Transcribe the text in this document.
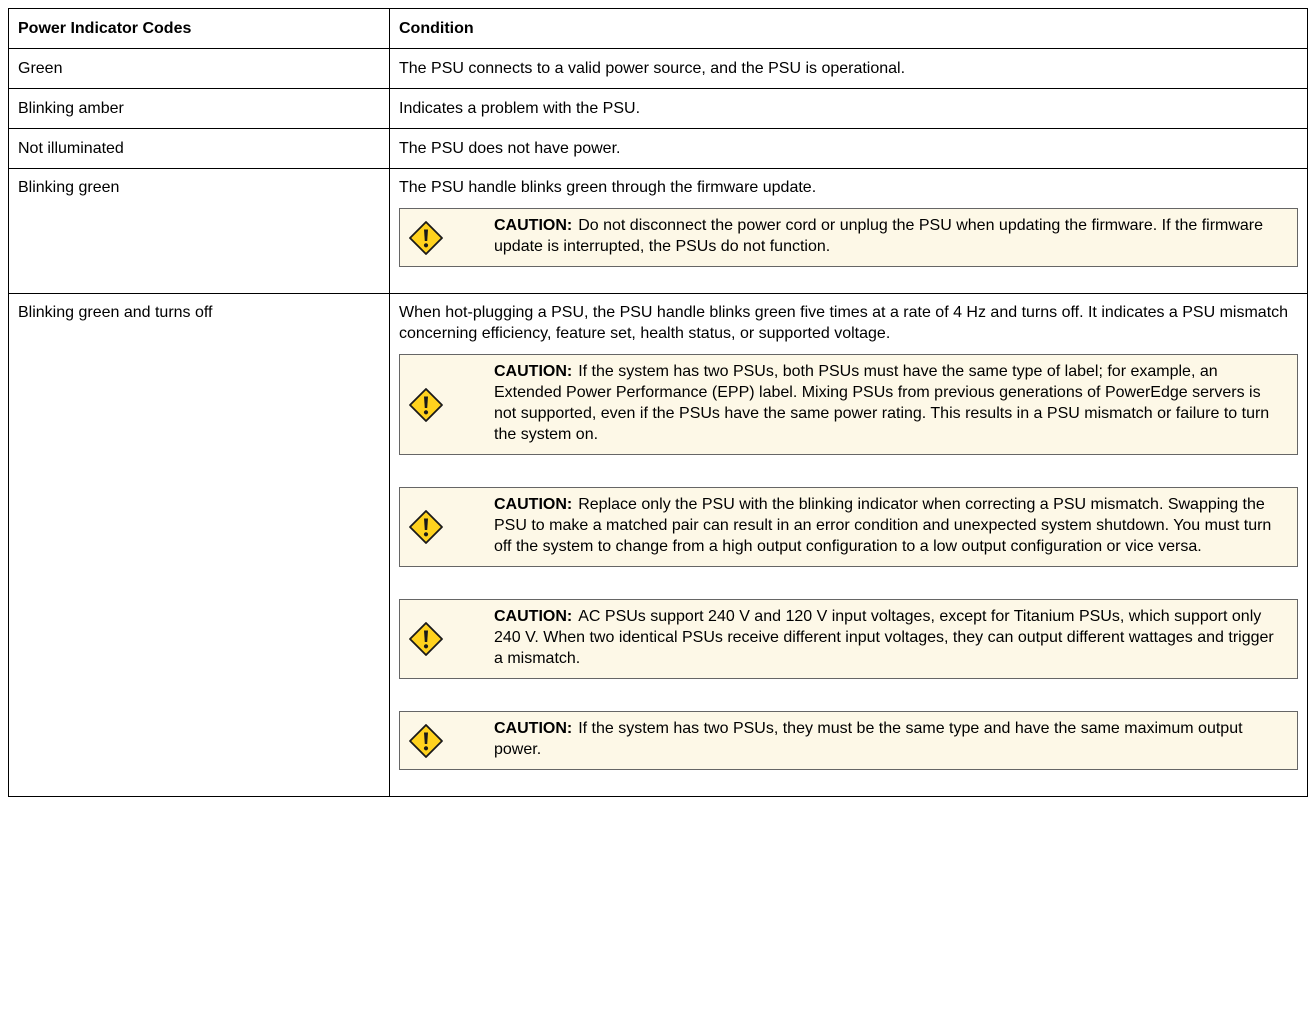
Power Indicator Codes	Condition
Green	The PSU connects to a valid power source, and the PSU is operational.
Blinking amber	Indicates a problem with the PSU.
Not illuminated	The PSU does not have power.
Blinking green	The PSU handle blinks green through the firmware update.

CAUTION: Do not disconnect the power cord or unplug the PSU when updating the firmware. If the firmware update is interrupted, the PSUs do not function.

Blinking green and turns off	When hot-plugging a PSU, the PSU handle blinks green five times at a rate of 4 Hz and turns off. It indicates a PSU mismatch concerning efficiency, feature set, health status, or supported voltage.

CAUTION: If the system has two PSUs, both PSUs must have the same type of label; for example, an Extended Power Performance (EPP) label. Mixing PSUs from previous generations of PowerEdge servers is not supported, even if the PSUs have the same power rating. This results in a PSU mismatch or failure to turn the system on.
CAUTION: Replace only the PSU with the blinking indicator when correcting a PSU mismatch. Swapping the PSU to make a matched pair can result in an error condition and unexpected system shutdown. You must turn off the system to change from a high output configuration to a low output configuration or vice versa.
CAUTION: AC PSUs support 240 V and 120 V input voltages, except for Titanium PSUs, which support only 240 V. When two identical PSUs receive different input voltages, they can output different wattages and trigger a mismatch.
CAUTION: If the system has two PSUs, they must be the same type and have the same maximum output power.
